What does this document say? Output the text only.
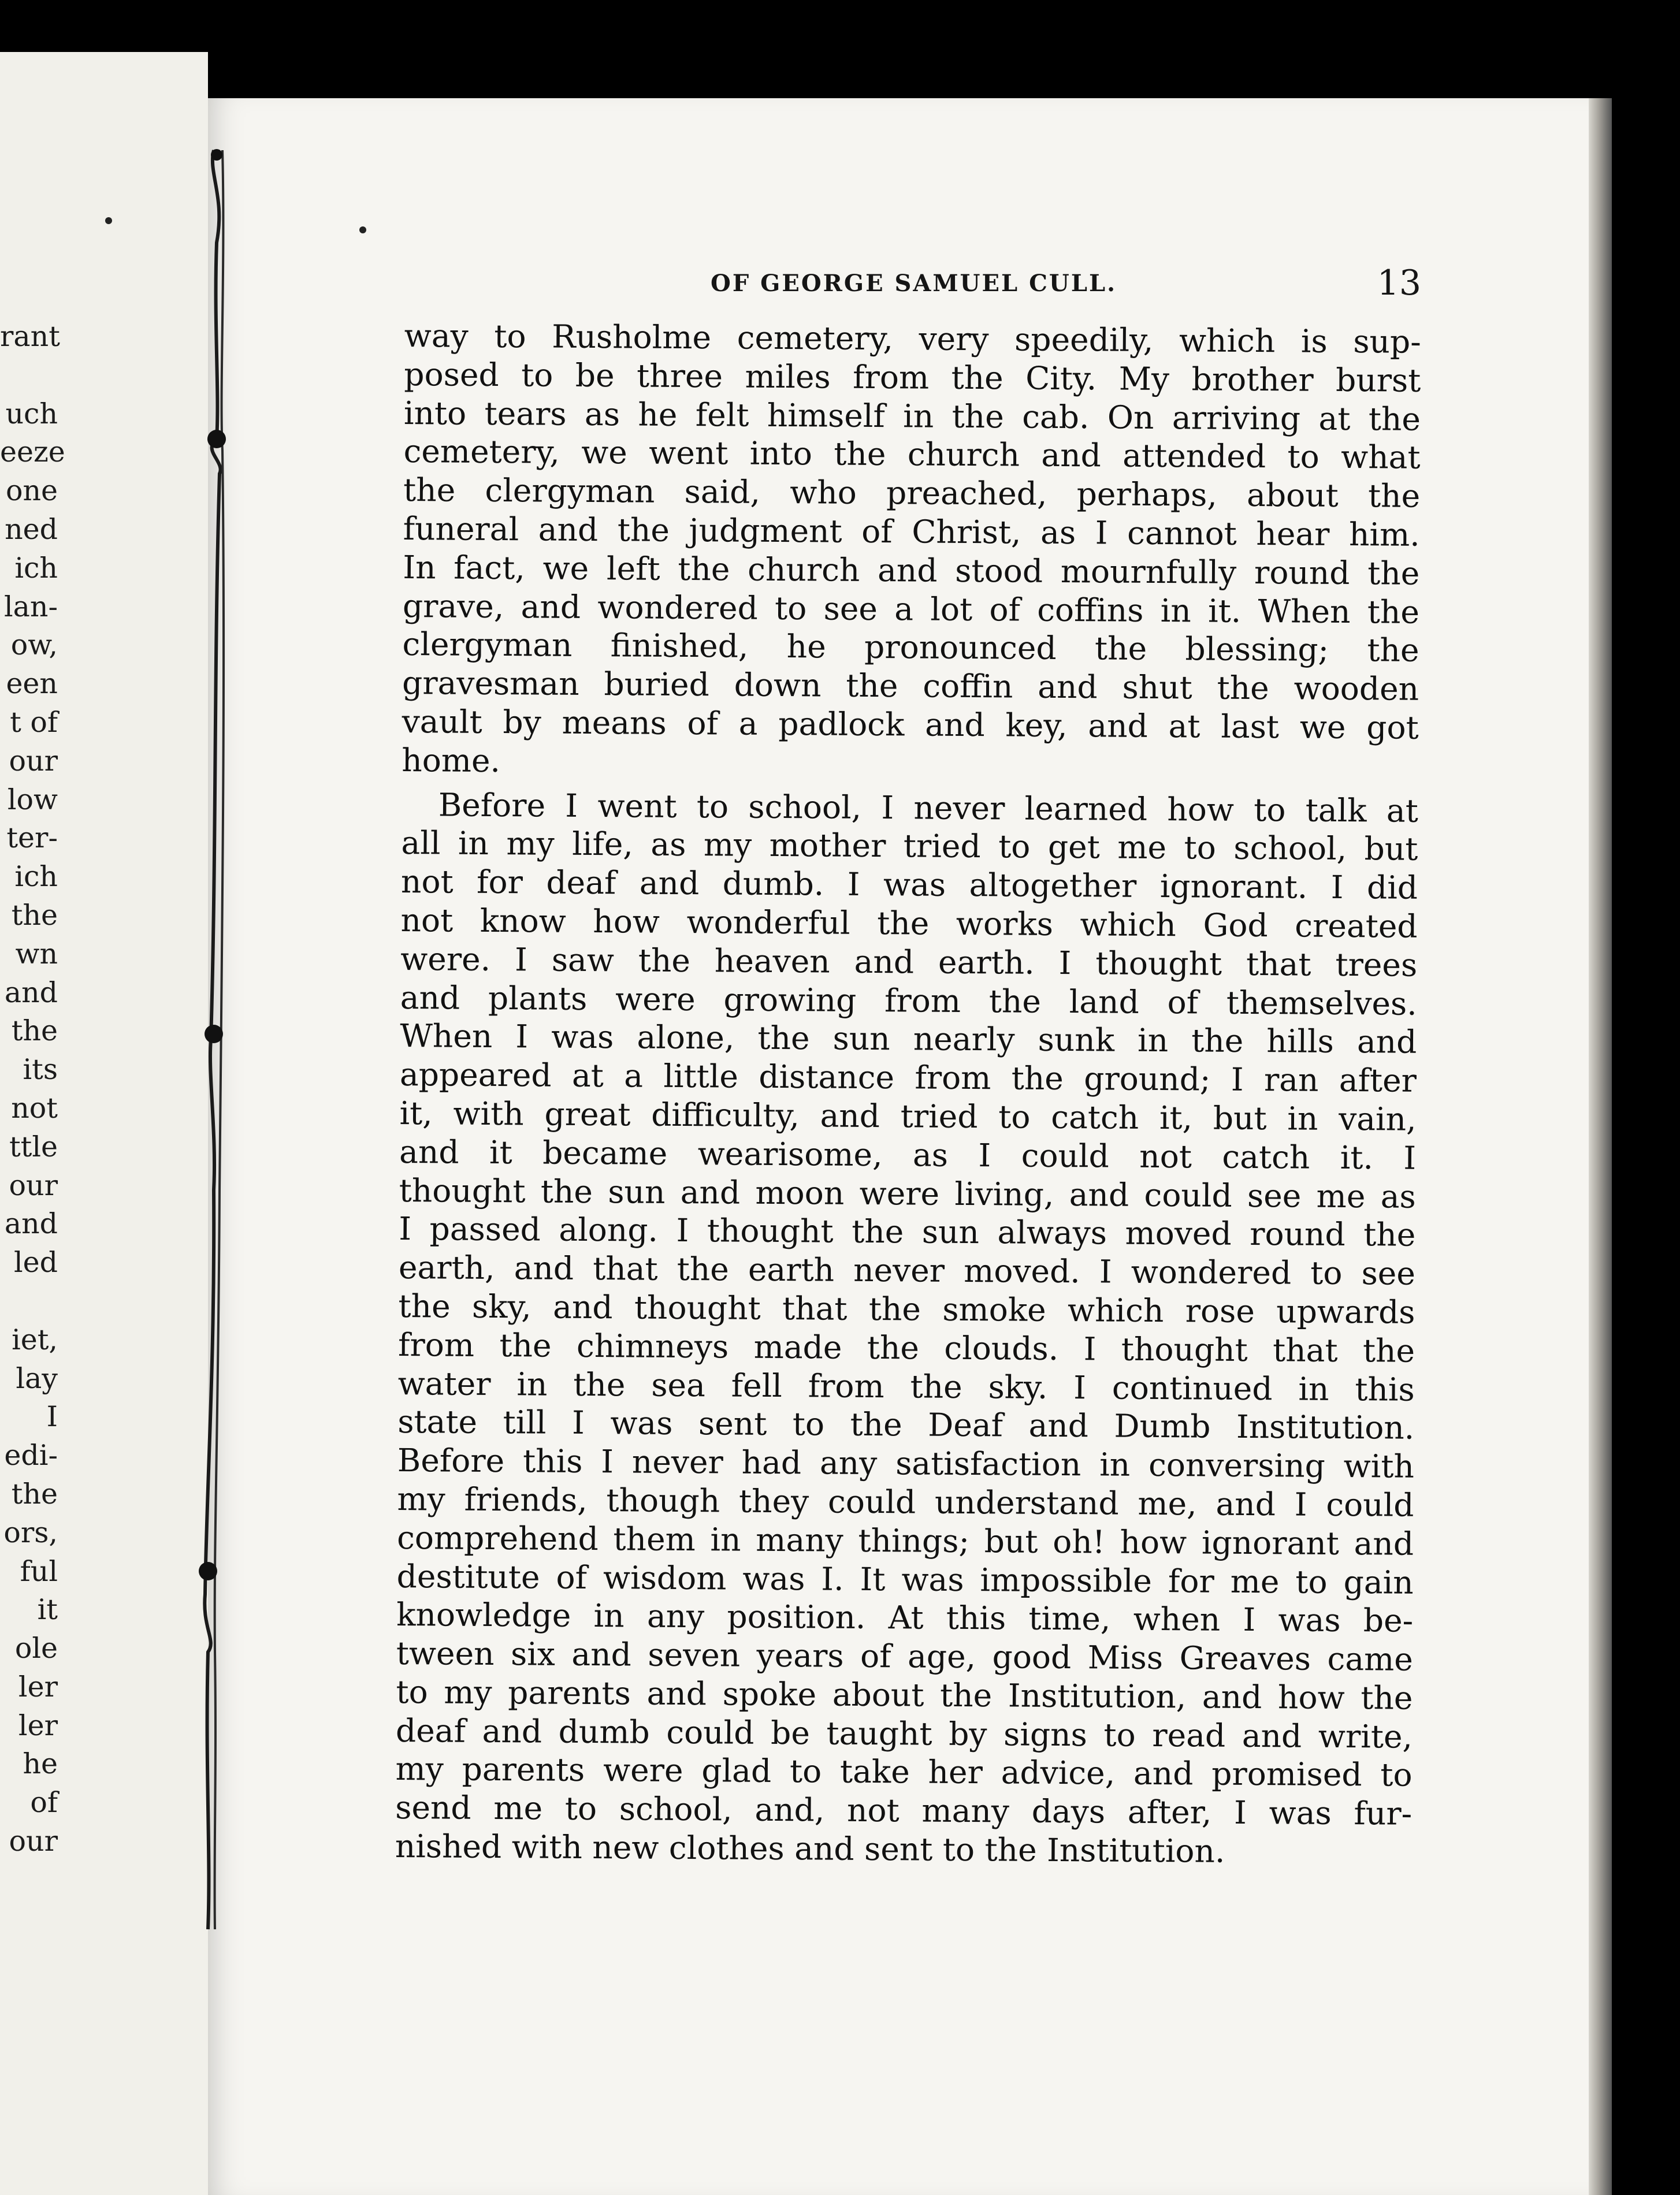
rant
uch
eeze
one
ned
ich
lan-
ow,
een
t of
our
low
ter-
ich
the
wn
and
the
its
not
ttle
our
and
led
iet,
lay
I
edi-
the
ors,
ful
it
ole
ler
ler
he
of
our
OF GEORGE SAMUEL CULL.	13
way to Rusholme cemetery, very speedily, which is sup-
posed to be three miles from the City. My brother burst
into tears as he felt himself in the cab. On arriving at the
cemetery, we went into the church and attended to what
the clergyman said, who preached, perhaps, about the
funeral and the judgment of Christ, as I cannot hear him.
In fact, we left the church and stood mournfully round the
grave, and wondered to see a lot of coffins in it. When the
clergyman finished, he pronounced the blessing; the
gravesman buried down the coffin and shut the wooden
vault by means of a padlock and key, and at last we got
home.
Before I went to school, I never learned how to talk at
all in my life, as my mother tried to get me to school, but
not for deaf and dumb. I was altogether ignorant. I did
not know how wonderful the works which God created
were. I saw the heaven and earth. I thought that trees
and plants were growing from the land of themselves.
When I was alone, the sun nearly sunk in the hills and
appeared at a little distance from the ground; I ran after
it, with great difficulty, and tried to catch it, but in vain,
and it became wearisome, as I could not catch it. I
thought the sun and moon were living, and could see me as
I passed along. I thought the sun always moved round the
earth, and that the earth never moved. I wondered to see
the sky, and thought that the smoke which rose upwards
from the chimneys made the clouds. I thought that the
water in the sea fell from the sky. I continued in this
state till I was sent to the Deaf and Dumb Institution.
Before this I never had any satisfaction in conversing with
my friends, though they could understand me, and I could
comprehend them in many things; but oh! how ignorant and
destitute of wisdom was I. It was impossible for me to gain
knowledge in any position. At this time, when I was be-
tween six and seven years of age, good Miss Greaves came
to my parents and spoke about the Institution, and how the
deaf and dumb could be taught by signs to read and write,
my parents were glad to take her advice, and promised to
send me to school, and, not many days after, I was fur-
nished with new clothes and sent to the Institution.
